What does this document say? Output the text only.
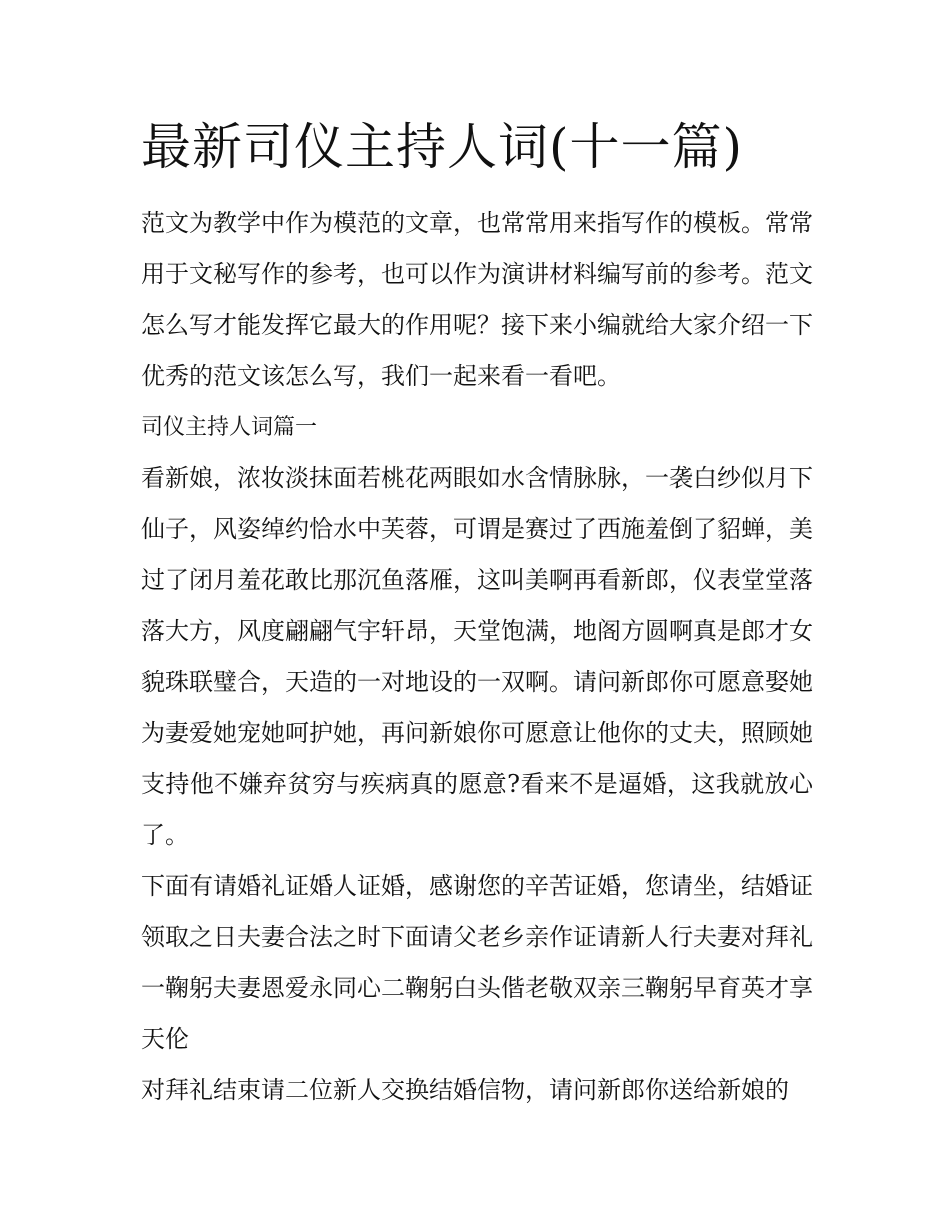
最新司仪主持人词(十一篇)

范文为教学中作为模范的文章，也常常用来指写作的模板。常常用于文秘写作的参考，也可以作为演讲材料编写前的参考。范文怎么写才能发挥它最大的作用呢？接下来小编就给大家介绍一下优秀的范文该怎么写，我们一起来看一看吧。

司仪主持人词篇一

看新娘，浓妆淡抹面若桃花两眼如水含情脉脉，一袭白纱似月下仙子，风姿绰约恰水中芙蓉，可谓是赛过了西施羞倒了貂蝉，美过了闭月羞花敢比那沉鱼落雁，这叫美啊再看新郎，仪表堂堂落落大方，风度翩翩气宇轩昂，天堂饱满，地阁方圆啊真是郎才女貌珠联璧合，天造的一对地设的一双啊。请问新郎你可愿意娶她为妻爱她宠她呵护她，再问新娘你可愿意让他你的丈夫，照顾她支持他不嫌弃贫穷与疾病真的愿意?看来不是逼婚，这我就放心了。

下面有请婚礼证婚人证婚，感谢您的辛苦证婚，您请坐，结婚证领取之日夫妻合法之时下面请父老乡亲作证请新人行夫妻对拜礼一鞠躬夫妻恩爱永同心二鞠躬白头偕老敬双亲三鞠躬早育英才享天伦

对拜礼结束请二位新人交换结婚信物，请问新郎你送给新娘的
